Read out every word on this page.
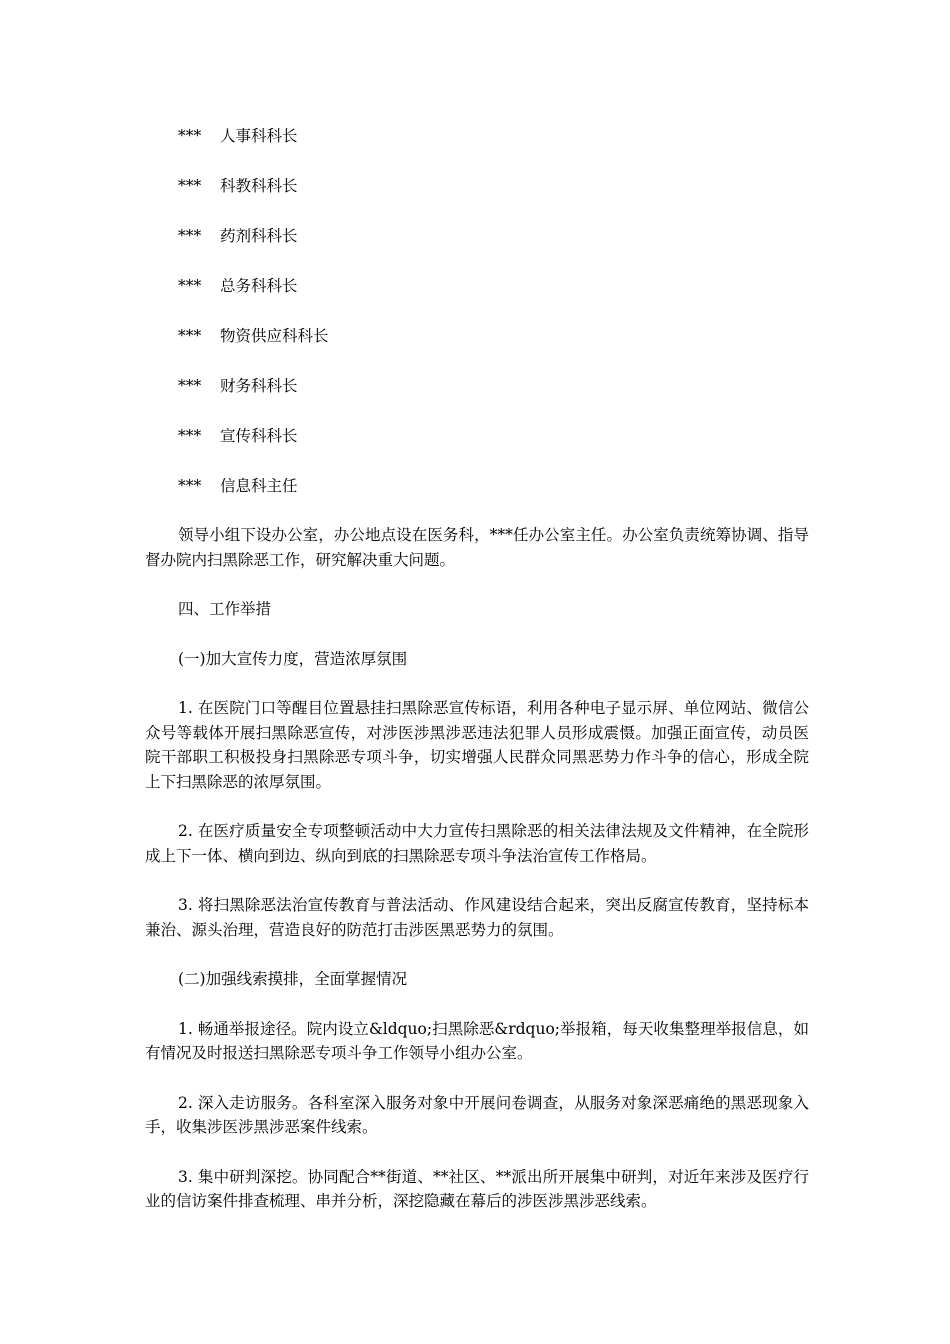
*** 人事科科长
*** 科教科科长
*** 药剂科科长
*** 总务科科长
*** 物资供应科科长
*** 财务科科长
*** 宣传科科长
*** 信息科主任

领导小组下设办公室，办公地点设在医务科，***任办公室主任。办公室负责统筹协调、指导督办院内扫黑除恶工作，研究解决重大问题。

四、工作举措

(一)加大宣传力度，营造浓厚氛围

1. 在医院门口等醒目位置悬挂扫黑除恶宣传标语，利用各种电子显示屏、单位网站、微信公众号等载体开展扫黑除恶宣传，对涉医涉黑涉恶违法犯罪人员形成震慑。加强正面宣传，动员医院干部职工积极投身扫黑除恶专项斗争，切实增强人民群众同黑恶势力作斗争的信心，形成全院上下扫黑除恶的浓厚氛围。

2. 在医疗质量安全专项整顿活动中大力宣传扫黑除恶的相关法律法规及文件精神，在全院形成上下一体、横向到边、纵向到底的扫黑除恶专项斗争法治宣传工作格局。

3. 将扫黑除恶法治宣传教育与普法活动、作风建设结合起来，突出反腐宣传教育，坚持标本兼治、源头治理，营造良好的防范打击涉医黑恶势力的氛围。

(二)加强线索摸排，全面掌握情况

1. 畅通举报途径。院内设立&ldquo;扫黑除恶&rdquo;举报箱，每天收集整理举报信息，如有情况及时报送扫黑除恶专项斗争工作领导小组办公室。

2. 深入走访服务。各科室深入服务对象中开展问卷调查，从服务对象深恶痛绝的黑恶现象入手，收集涉医涉黑涉恶案件线索。

3. 集中研判深挖。协同配合**街道、**社区、**派出所开展集中研判，对近年来涉及医疗行业的信访案件排查梳理、串并分析，深挖隐藏在幕后的涉医涉黑涉恶线索。
